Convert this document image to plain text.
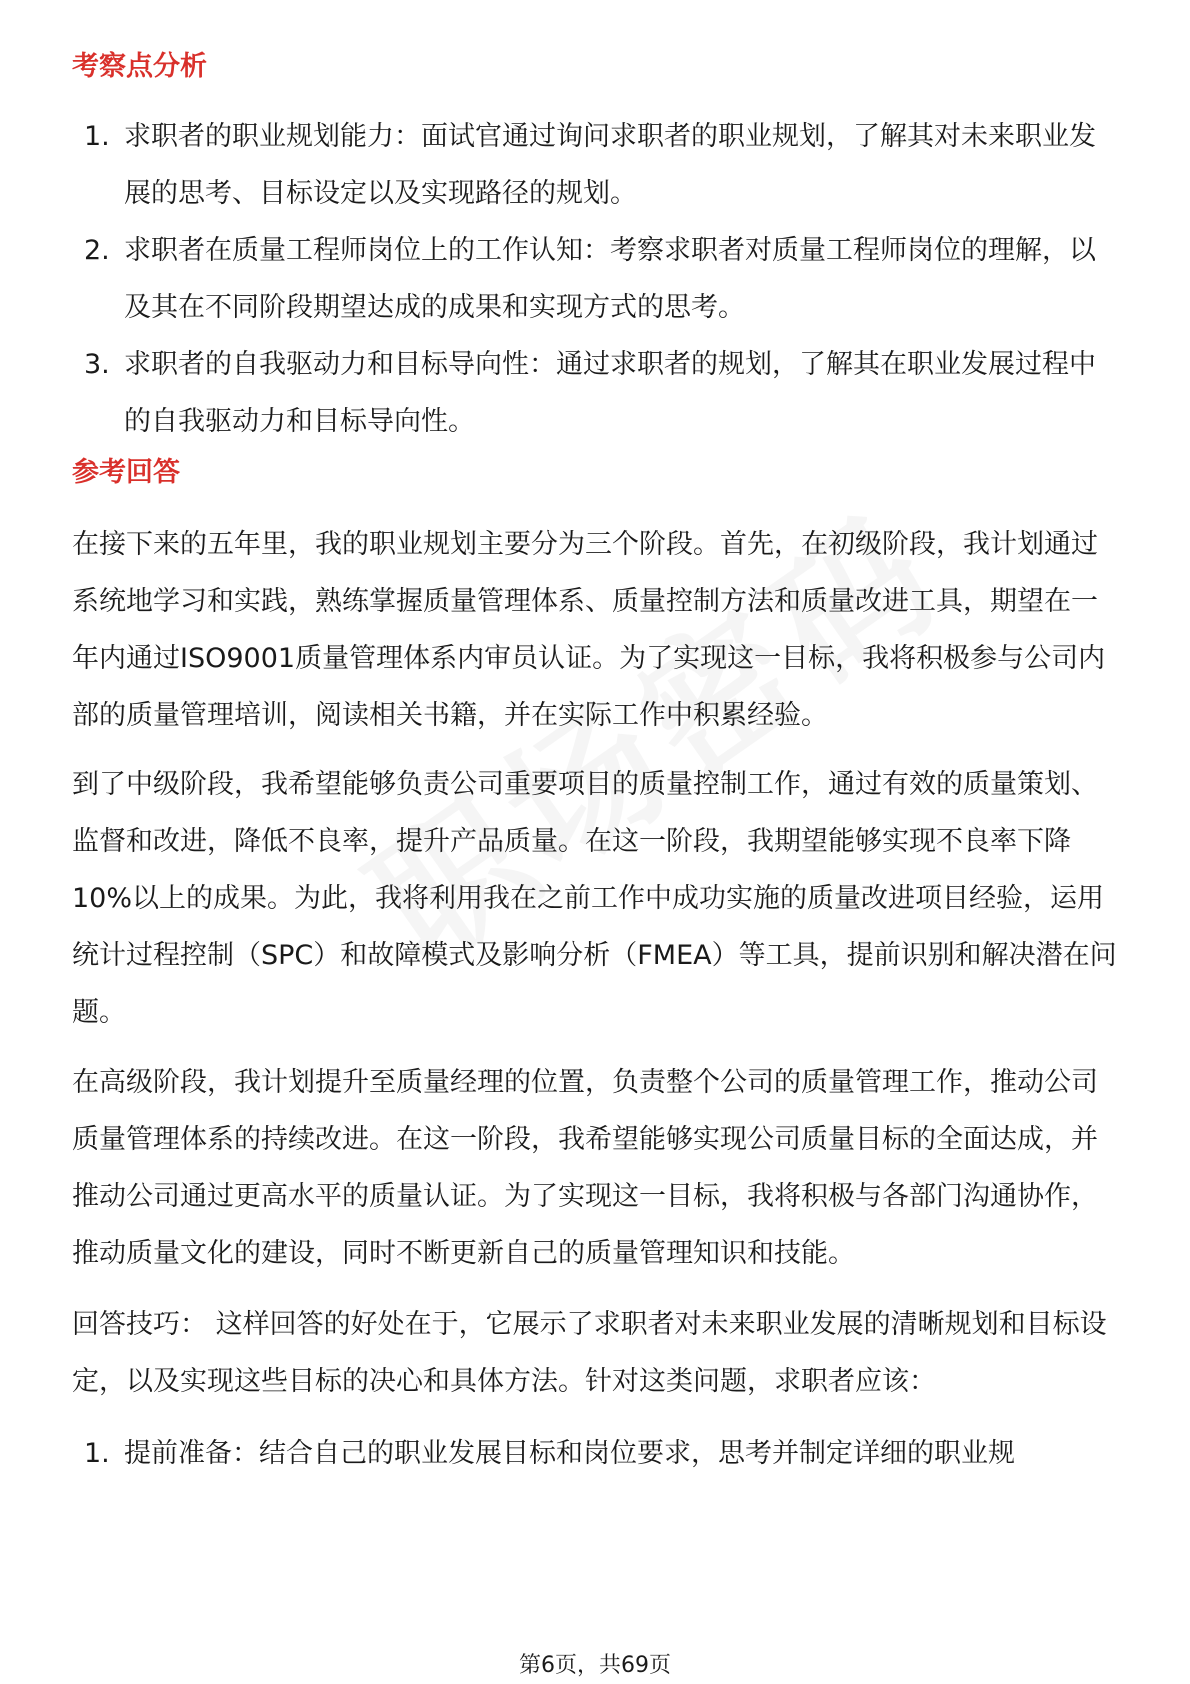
考察点分析
1. 求职者的职业规划能力：面试官通过询问求职者的职业规划，了解其对未来职业发展的思考、目标设定以及实现路径的规划。
2. 求职者在质量工程师岗位上的工作认知：考察求职者对质量工程师岗位的理解，以及其在不同阶段期望达成的成果和实现方式的思考。
3. 求职者的自我驱动力和目标导向性：通过求职者的规划，了解其在职业发展过程中的自我驱动力和目标导向性。
参考回答

在接下来的五年里，我的职业规划主要分为三个阶段。首先，在初级阶段，我计划通过系统地学习和实践，熟练掌握质量管理体系、质量控制方法和质量改进工具，期望在一年内通过ISO9001质量管理体系内审员认证。为了实现这一目标，我将积极参与公司内部的质量管理培训，阅读相关书籍，并在实际工作中积累经验。

到了中级阶段，我希望能够负责公司重要项目的质量控制工作，通过有效的质量策划、监督和改进，降低不良率，提升产品质量。在这一阶段，我期望能够实现不良率下降10%以上的成果。为此，我将利用我在之前工作中成功实施的质量改进项目经验，运用统计过程控制（SPC）和故障模式及影响分析（FMEA）等工具，提前识别和解决潜在问题。

在高级阶段，我计划提升至质量经理的位置，负责整个公司的质量管理工作，推动公司质量管理体系的持续改进。在这一阶段，我希望能够实现公司质量目标的全面达成，并推动公司通过更高水平的质量认证。为了实现这一目标，我将积极与各部门沟通协作，推动质量文化的建设，同时不断更新自己的质量管理知识和技能。

回答技巧： 这样回答的好处在于，它展示了求职者对未来职业发展的清晰规划和目标设定，以及实现这些目标的决心和具体方法。针对这类问题，求职者应该：

1. 提前准备：结合自己的职业发展目标和岗位要求，思考并制定详细的职业规
第6页，共69页
